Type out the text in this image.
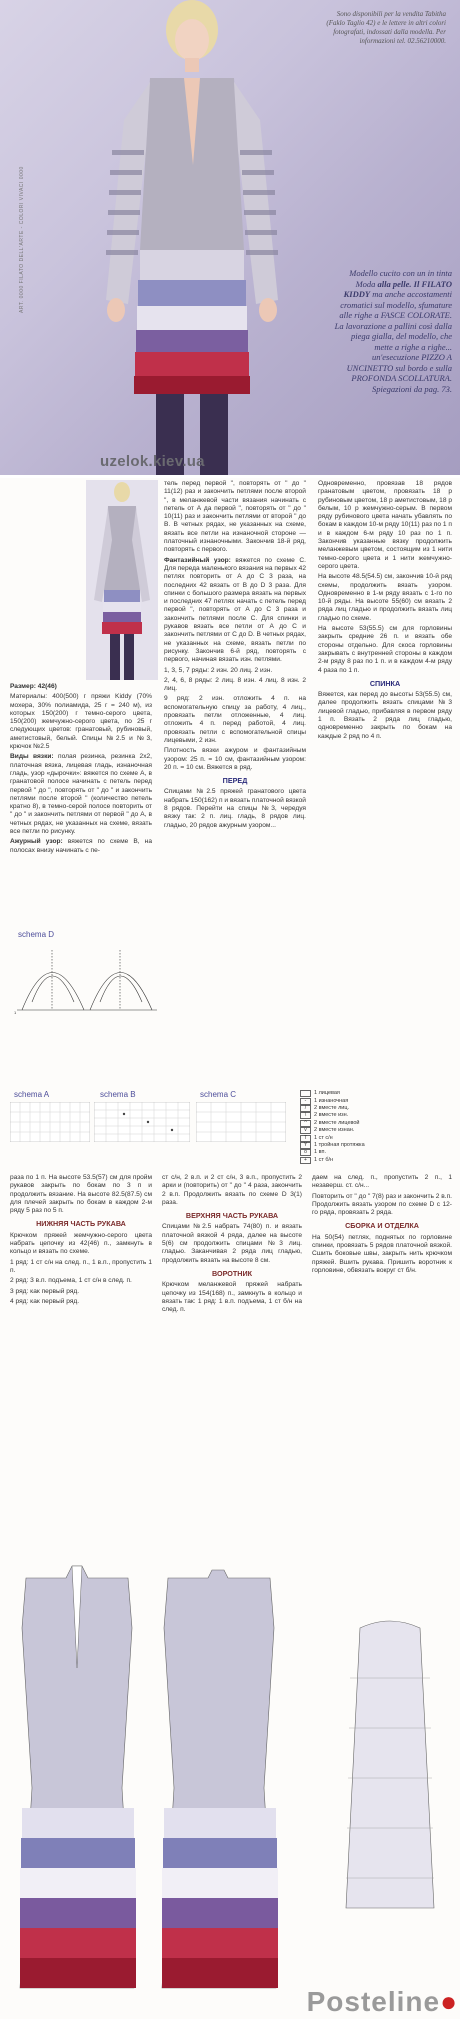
Sono disponibili per la vendita Tabitha (Faklo Taglio 42) e le lettere in altri colori fotografati, indossati dalla modella. Per informazioni tel. 02.56210000.
ART. 0000 FILATO DELL'ARTE - COLORI VIVACI 0000	Modello cucito con un in tinta Moda alla pelle. Il FILATO KIDDY ma anche accostamenti cromatici sul modello, sfumature alle righe a FASCE COLORATE. La lavorazione a pallini così dalla piega gialla, del modello, che mette a righe a righe... un'esecuzione PIZZO A UNCINETTO sul bordo e sulla PROFONDA SCOLLATURA. Spiegazioni da pag. 73.
uzelok.kiev.ua

Размер: 42(46)

Материалы: 400(500) г пряжи Kiddy (70% мохера, 30% полиамида, 25 г = 240 м), из которых 150(200) г темно-серого цвета, 150(200) жемчужно-серого цвета, по 25 г следующих цветов: гранатовый, рубиновый, аметистовый, белый. Спицы №2.5 и №3, крючок №2.5

Виды вязки: полая резинка, резинка 2х2, платочная вязка, лицевая гладь, изнаночная гладь, узор «дырочки»: вяжется по схеме А, в гранатовой полосе начинать с петель перед первой " до ", повторять от " до " и закончить петлями после второй " (количество петель кратно 8), в темно-серой полосе повторить от " до " и закончить петлями от первой " до А, в четных рядах, не указанных на схеме, вязать все петли по рисунку.

Ажурный узор: вяжется по схеме В, на полосах внизу начинать с пе-

тель перед первой ", повторять от " до " 11(12) раз и закончить петлями после второй ", в меланжевой части вязания начинать с петель от А да первой ", повторять от " до " 10(11) раз и закончить петлями от второй " до В. В четных рядах, не указанных на схеме, вязать все петли на изнаночной стороне — платочный изнаночными. Закончив 18-й ряд, повторять с первого.

Фантазийный узор: вяжется по схеме С. Для переда маленького вязания на первых 42 петлях повторить от А до С 3 раза, на последних 42 вязать от В до D 3 раза. Для спинки с большого размера вязать на первых и последних 47 петлях начать с петель перед первой ", повторять от А до С 3 раза и закончить петлями после С. Для спинки и рукавов вязать все петли от А до С и закончить петлями от С до D. В четных рядах, не указанных на схеме, вязать петли по рисунку. Закончив 6-й ряд, повторять с первого, начиная вязать изн. петлями.

1, 3, 5, 7 ряды: 2 изн. 20 лиц. 2 изн.

2, 4, 6, 8 ряды: 2 лиц. 8 изн. 4 лиц. 8 изн. 2 лиц.

9 ряд: 2 изн. отложить 4 п. на вспомогательную спицу за работу, 4 лиц., провязать петли отложенные, 4 лиц. отложить 4 п. перед работой, 4 лиц. провязать петли с вспомогательной спицы лицевыми, 2 изн.

Плотность вязки ажуром и фантазийным узором: 25 п. = 10 см, фантазийным узором: 20 п. = 10 см. Вяжется в ряд.

ПЕРЕД

Спицами №2.5 пряжей гранатового цвета набрать 150(162) п и вязать платочной вязкой 8 рядов. Перейти на спицы №3, чередуя вязку так: 2 п. лиц. гладь, 8 рядов лиц. гладью, 20 рядов ажурным узором...

Одновременно, провязав 18 рядов гранатовым цветом, провязать 18 р рубиновым цветом, 18 р аметистовым, 18 р белым, 10 р жемчужно-серым. В первом ряду рубинового цвета начать убавлять по бокам в каждом 10-м ряду 10(11) раз по 1 п и в каждом 6-м ряду 10 раз по 1 п. Закончив указанные вязку продолжить меланжевым цветом, состоящим из 1 нити темно-серого цвета и 1 нити жемчужно-серого цвета.

На высоте 48.5(54.5) см, закончив 10-й ряд схемы, продолжить вязать узором. Одновременно в 1-м ряду вязать с 1-го по 10-й ряды. На высоте 55(60) см вязать 2 ряда лиц гладью и продолжить вязать лиц гладью по схеме.

На высоте 53(55.5) см для горловины закрыть средние 26 п. и вязать обе стороны отдельно. Для скоса горловины закрывать с внутренней стороны в каждом 2-м ряду 8 раз по 1 п. и в каждом 4-м ряду 4 раза по 1 п.

СПИНКА

Вяжется, как перед до высоты 53(55.5) см, далее продолжить вязать спицами №3 лицевой гладью, прибавляя в первом ряду 1 п. Вязать 2 ряда лиц гладью, одновременно закрыть по бокам на каждые 2 ряд по 4 п.

schema D
1
schema A	schema B	schema C	1 лицевая
-	1 изнаночная
/	2 вместе лиц.
\	2 вместе изн.
^	2 вместе лицевой
v	2 вместе изнан.
T	1 ст с/н
Y	1 тройная протяжка
o	1 вп.
+	1 ст б/н

раза по 1 п. На высоте 53.5(57) см для пройм рукавов закрыть по бокам по 3 п и продолжить вязание. На высоте 82.5(87.5) см для плечей закрыть по бокам в каждом 2-м ряду 5 раз по 5 п.

НИЖНЯЯ ЧАСТЬ РУКАВА

Крючком пряжей жемчужно-серого цвета набрать цепочку из 42(46) п., замкнуть в кольцо и вязать по схеме.

1 ряд: 1 ст с/н на след. п., 1 в.п., пропустить 1 п.

2 ряд: 3 в.п. подъема, 1 ст с/н в след. п.

3 ряд: как первый ряд.

4 ряд: как первый ряд.

ст с/н, 2 в.п. и 2 ст с/н, 3 в.п., пропустить 2 арки и (повторить) от " до " 4 раза, закончить 2 в.п. Продолжить вязать по схеме D 3(1) раза.

ВЕРХНЯЯ ЧАСТЬ РУКАВА

Спицами №2.5 набрать 74(80) п. и вязать платочной вязкой 4 ряда, далее на высоте 5(6) см продолжить спицами №3 лиц. гладью. Заканчивая 2 ряда лиц гладью, продолжить вязать на высоте 8 см.

ВОРОТНИК

Крючком меланжевой пряжей набрать цепочку из 154(168) п., замкнуть в кольцо и вязать так: 1 ряд: 1 в.п. подъема, 1 ст б/н на след. п.

даем на след. п., пропустить 2 п., 1 незаверш. ст. с/н...

Повторить от " до " 7(8) раз и закончить 2 в.п. Продолжить вязать узором по схеме D с 12-го ряда, провязать 2 ряда.

СБОРКА И ОТДЕЛКА

На 50(54) петлях, поднятых по горловине спинки, провязать 5 рядов платочной вязкой. Сшить боковые швы, закрыть нить крючком пряжей. Вшить рукава. Пришить воротник к горловине, обвязать вокруг ст б/н.

Posteline●
